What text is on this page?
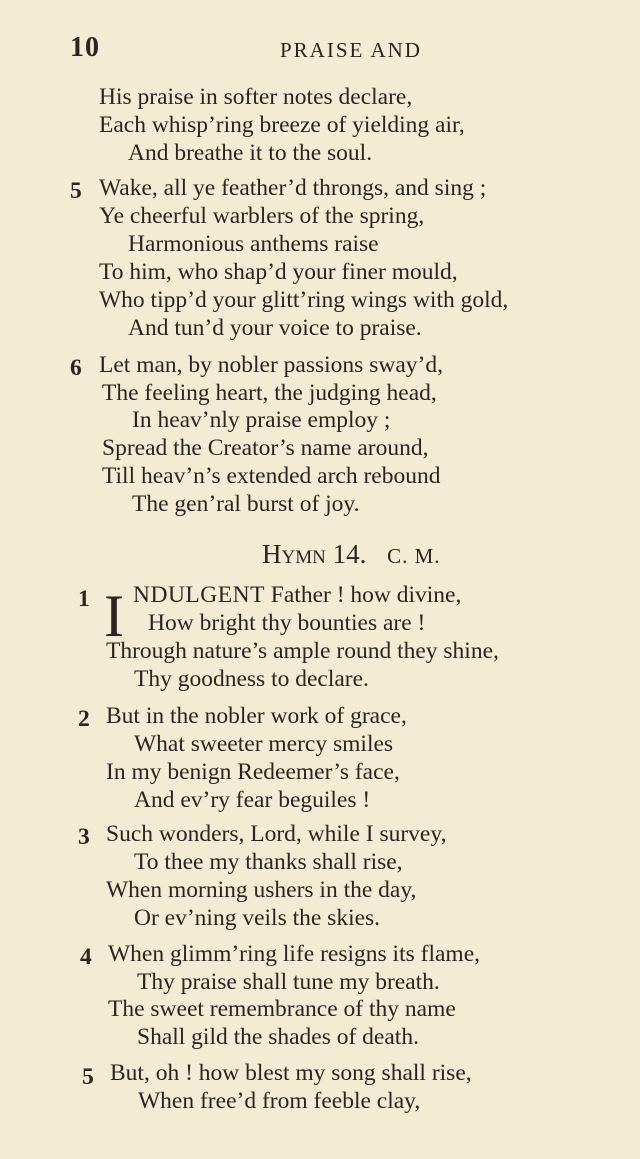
10	PRAISE AND
His praise in softer notes declare,
Each whisp’ring breeze of yielding air,
And breathe it to the soul.
5 Wake, all ye feather’d throngs, and sing ;
Ye cheerful warblers of the spring,
Harmonious anthems raise
To him, who shap’d your finer mould,
Who tipp’d your glitt’ring wings with gold,
And tun’d your voice to praise.
6 Let man, by nobler passions sway’d,
The feeling heart, the judging head,
In heav’nly praise employ ;
Spread the Creator’s name around,
Till heav’n’s extended arch rebound
The gen’ral burst of joy.
Hymn 14. C. M.
1 I NDULGENT Father ! how divine,
How bright thy bounties are !
Through nature’s ample round they shine,
Thy goodness to declare.
2 But in the nobler work of grace,
What sweeter mercy smiles
In my benign Redeemer’s face,
And ev’ry fear beguiles !
3 Such wonders, Lord, while I survey,
To thee my thanks shall rise,
When morning ushers in the day,
Or ev’ning veils the skies.
4 When glimm’ring life resigns its flame,
Thy praise shall tune my breath.
The sweet remembrance of thy name
Shall gild the shades of death.
5 But, oh ! how blest my song shall rise,
When free’d from feeble clay,
